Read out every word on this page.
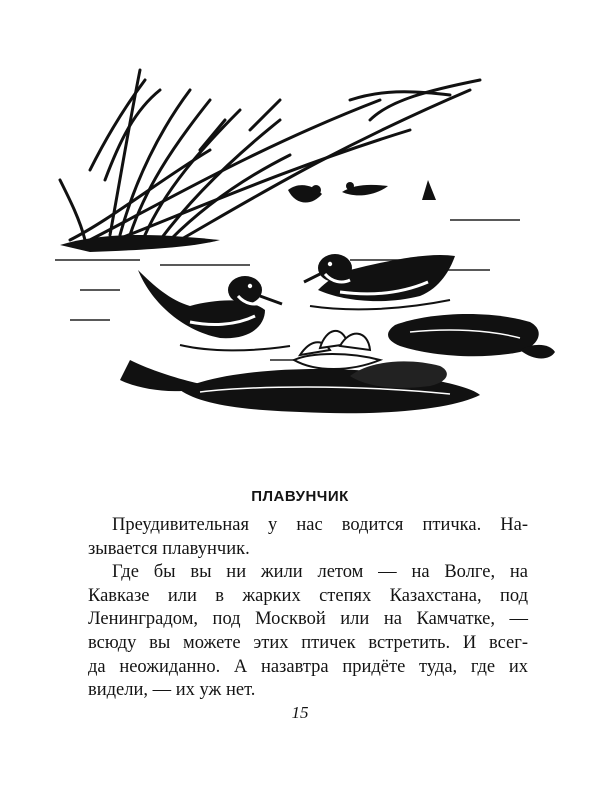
ПЛАВУНЧИК

Преудивительная у нас водится птичка. На-
зывается плавунчик.
Где бы вы ни жили летом — на Волге, на
Кавказе или в жарких степях Казахстана, под
Ленинградом, под Москвой или на Камчатке, —
всюду вы можете этих птичек встретить. И всег-
да неожиданно. А назавтра придёте туда, где их
видели, — их уж нет.

15
